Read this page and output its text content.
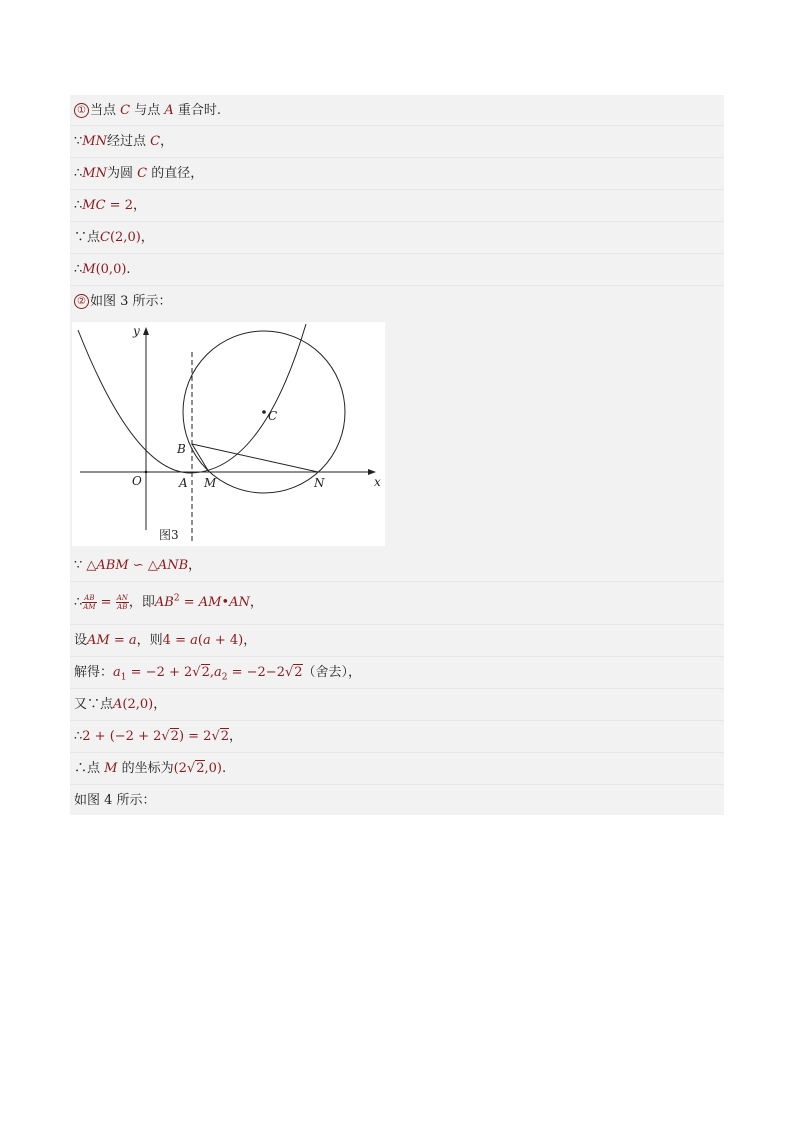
① 当点 C 与点 A 重合时.
∵MN经过点 C，
∴MN为圆 C 的直径，
∴MC = 2，
∵点C(2,0)，
∴M(0,0).
② 如图 3 所示：
y
x
O	A M	N
B
C
图3
∵ △ABM ∽ △ANB，
∴ $\frac{AB}{AM} = \frac{AN}{AB}$ ，即$AB^2$ = AM•AN，
设AM = a，则4 = a(a + 4)，
解得：$a_1 = -2 + 2√2,a_2 = -2-2√2$（舍去），
又∵点A(2,0)，
∴2 + (−2 + 2√2) = 2√2，
∴点 M 的坐标为(2√2,0).
如图 4 所示：
